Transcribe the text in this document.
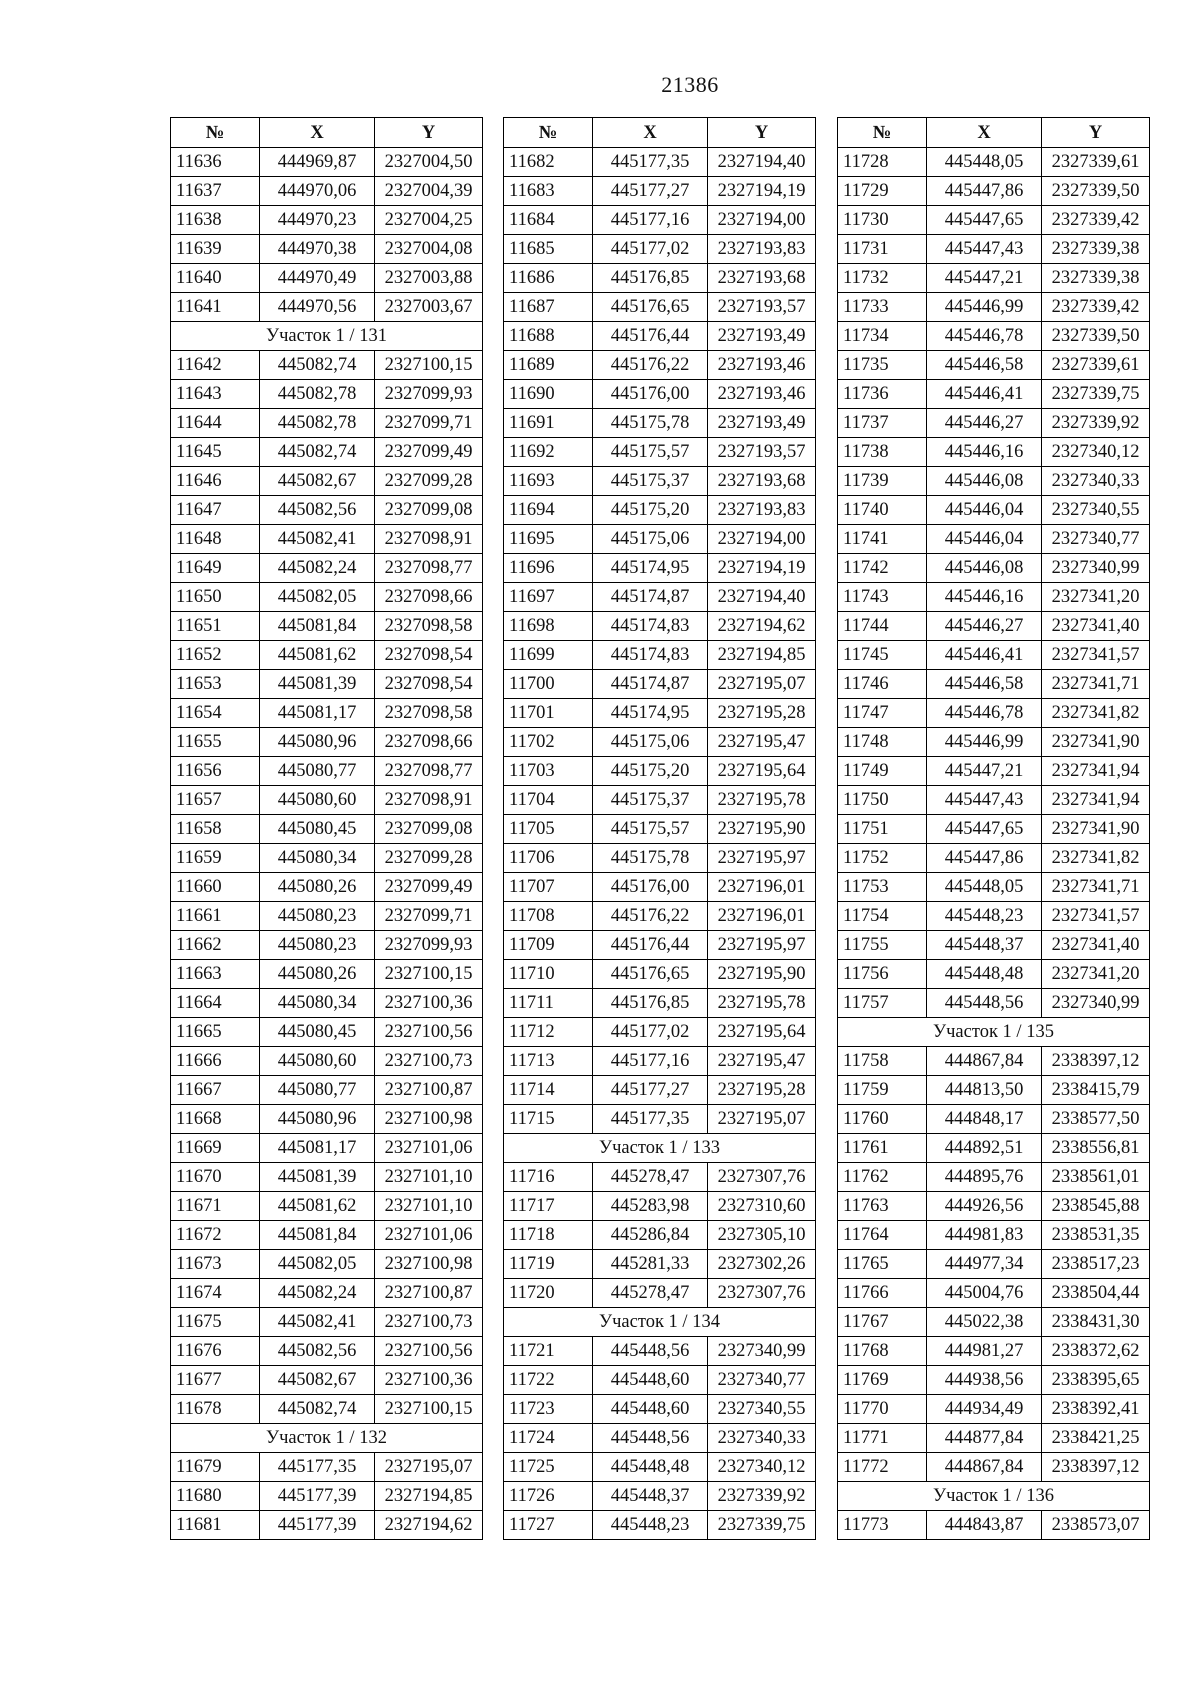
21386
№	X	Y
11636	444969,87	2327004,50
11637	444970,06	2327004,39
11638	444970,23	2327004,25
11639	444970,38	2327004,08
11640	444970,49	2327003,88
11641	444970,56	2327003,67
Участок 1 / 131		
11642	445082,74	2327100,15
11643	445082,78	2327099,93
11644	445082,78	2327099,71
11645	445082,74	2327099,49
11646	445082,67	2327099,28
11647	445082,56	2327099,08
11648	445082,41	2327098,91
11649	445082,24	2327098,77
11650	445082,05	2327098,66
11651	445081,84	2327098,58
11652	445081,62	2327098,54
11653	445081,39	2327098,54
11654	445081,17	2327098,58
11655	445080,96	2327098,66
11656	445080,77	2327098,77
11657	445080,60	2327098,91
11658	445080,45	2327099,08
11659	445080,34	2327099,28
11660	445080,26	2327099,49
11661	445080,23	2327099,71
11662	445080,23	2327099,93
11663	445080,26	2327100,15
11664	445080,34	2327100,36
11665	445080,45	2327100,56
11666	445080,60	2327100,73
11667	445080,77	2327100,87
11668	445080,96	2327100,98
11669	445081,17	2327101,06
11670	445081,39	2327101,10
11671	445081,62	2327101,10
11672	445081,84	2327101,06
11673	445082,05	2327100,98
11674	445082,24	2327100,87
11675	445082,41	2327100,73
11676	445082,56	2327100,56
11677	445082,67	2327100,36
11678	445082,74	2327100,15
Участок 1 / 132		
11679	445177,35	2327195,07
11680	445177,39	2327194,85
11681	445177,39	2327194,62
№	X	Y
11682	445177,35	2327194,40
11683	445177,27	2327194,19
11684	445177,16	2327194,00
11685	445177,02	2327193,83
11686	445176,85	2327193,68
11687	445176,65	2327193,57
11688	445176,44	2327193,49
11689	445176,22	2327193,46
11690	445176,00	2327193,46
11691	445175,78	2327193,49
11692	445175,57	2327193,57
11693	445175,37	2327193,68
11694	445175,20	2327193,83
11695	445175,06	2327194,00
11696	445174,95	2327194,19
11697	445174,87	2327194,40
11698	445174,83	2327194,62
11699	445174,83	2327194,85
11700	445174,87	2327195,07
11701	445174,95	2327195,28
11702	445175,06	2327195,47
11703	445175,20	2327195,64
11704	445175,37	2327195,78
11705	445175,57	2327195,90
11706	445175,78	2327195,97
11707	445176,00	2327196,01
11708	445176,22	2327196,01
11709	445176,44	2327195,97
11710	445176,65	2327195,90
11711	445176,85	2327195,78
11712	445177,02	2327195,64
11713	445177,16	2327195,47
11714	445177,27	2327195,28
11715	445177,35	2327195,07
Участок 1 / 133		
11716	445278,47	2327307,76
11717	445283,98	2327310,60
11718	445286,84	2327305,10
11719	445281,33	2327302,26
11720	445278,47	2327307,76
Участок 1 / 134		
11721	445448,56	2327340,99
11722	445448,60	2327340,77
11723	445448,60	2327340,55
11724	445448,56	2327340,33
11725	445448,48	2327340,12
11726	445448,37	2327339,92
11727	445448,23	2327339,75
№	X	Y
11728	445448,05	2327339,61
11729	445447,86	2327339,50
11730	445447,65	2327339,42
11731	445447,43	2327339,38
11732	445447,21	2327339,38
11733	445446,99	2327339,42
11734	445446,78	2327339,50
11735	445446,58	2327339,61
11736	445446,41	2327339,75
11737	445446,27	2327339,92
11738	445446,16	2327340,12
11739	445446,08	2327340,33
11740	445446,04	2327340,55
11741	445446,04	2327340,77
11742	445446,08	2327340,99
11743	445446,16	2327341,20
11744	445446,27	2327341,40
11745	445446,41	2327341,57
11746	445446,58	2327341,71
11747	445446,78	2327341,82
11748	445446,99	2327341,90
11749	445447,21	2327341,94
11750	445447,43	2327341,94
11751	445447,65	2327341,90
11752	445447,86	2327341,82
11753	445448,05	2327341,71
11754	445448,23	2327341,57
11755	445448,37	2327341,40
11756	445448,48	2327341,20
11757	445448,56	2327340,99
Участок 1 / 135		
11758	444867,84	2338397,12
11759	444813,50	2338415,79
11760	444848,17	2338577,50
11761	444892,51	2338556,81
11762	444895,76	2338561,01
11763	444926,56	2338545,88
11764	444981,83	2338531,35
11765	444977,34	2338517,23
11766	445004,76	2338504,44
11767	445022,38	2338431,30
11768	444981,27	2338372,62
11769	444938,56	2338395,65
11770	444934,49	2338392,41
11771	444877,84	2338421,25
11772	444867,84	2338397,12
Участок 1 / 136		
11773	444843,87	2338573,07
